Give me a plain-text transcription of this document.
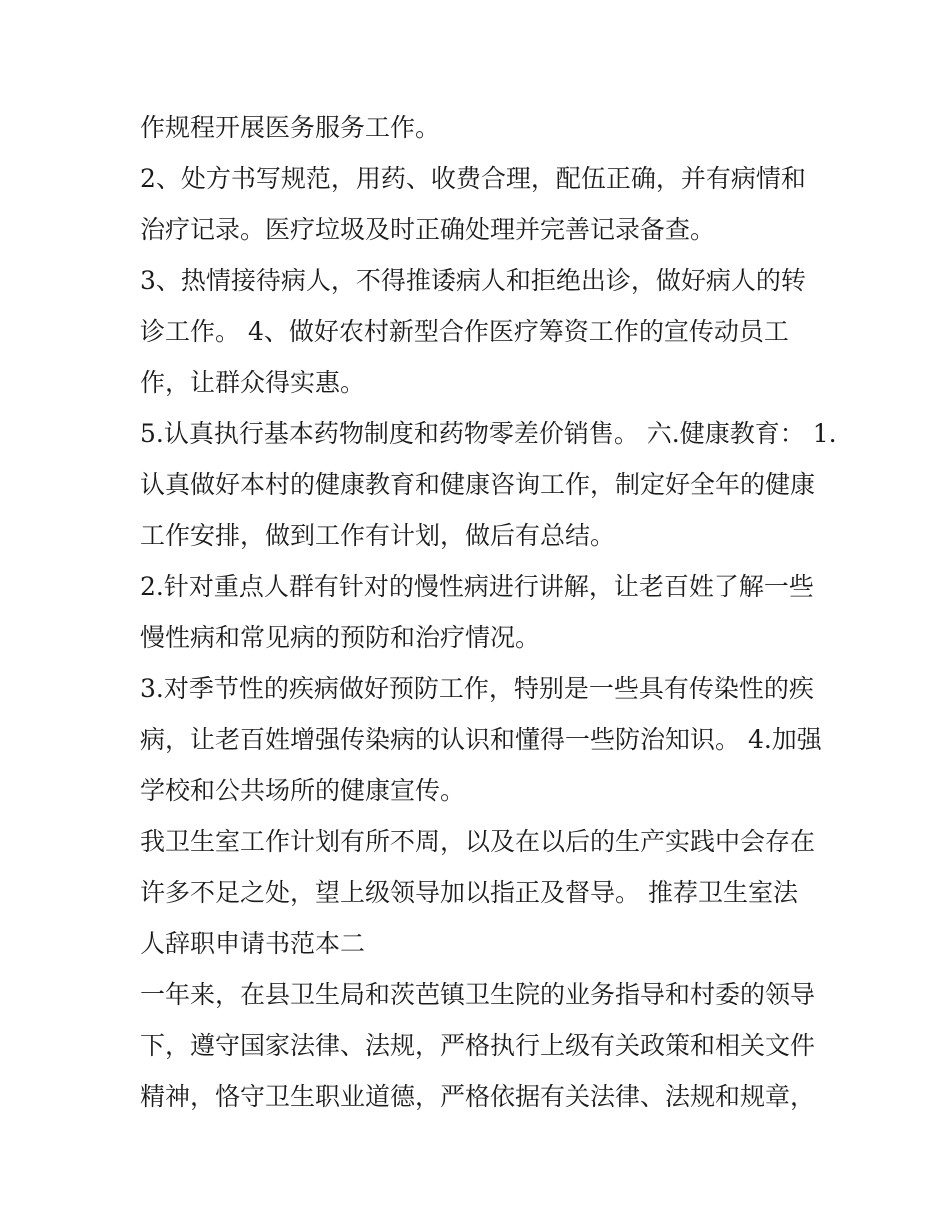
作规程开展医务服务工作。
2、处方书写规范，用药、收费合理，配伍正确，并有病情和
治疗记录。医疗垃圾及时正确处理并完善记录备查。
3、热情接待病人，不得推诿病人和拒绝出诊，做好病人的转
诊工作。 4、做好农村新型合作医疗筹资工作的宣传动员工
作，让群众得实惠。
5.认真执行基本药物制度和药物零差价销售。 六.健康教育： 1.
认真做好本村的健康教育和健康咨询工作，制定好全年的健康
工作安排，做到工作有计划，做后有总结。
2.针对重点人群有针对的慢性病进行讲解，让老百姓了解一些
慢性病和常见病的预防和治疗情况。
3.对季节性的疾病做好预防工作，特别是一些具有传染性的疾
病，让老百姓增强传染病的认识和懂得一些防治知识。 4.加强
学校和公共场所的健康宣传。
我卫生室工作计划有所不周，以及在以后的生产实践中会存在
许多不足之处，望上级领导加以指正及督导。 推荐卫生室法
人辞职申请书范本二
一年来，在县卫生局和茨芭镇卫生院的业务指导和村委的领导
下，遵守国家法律、法规，严格执行上级有关政策和相关文件
精神，恪守卫生职业道德，严格依据有关法律、法规和规章，
